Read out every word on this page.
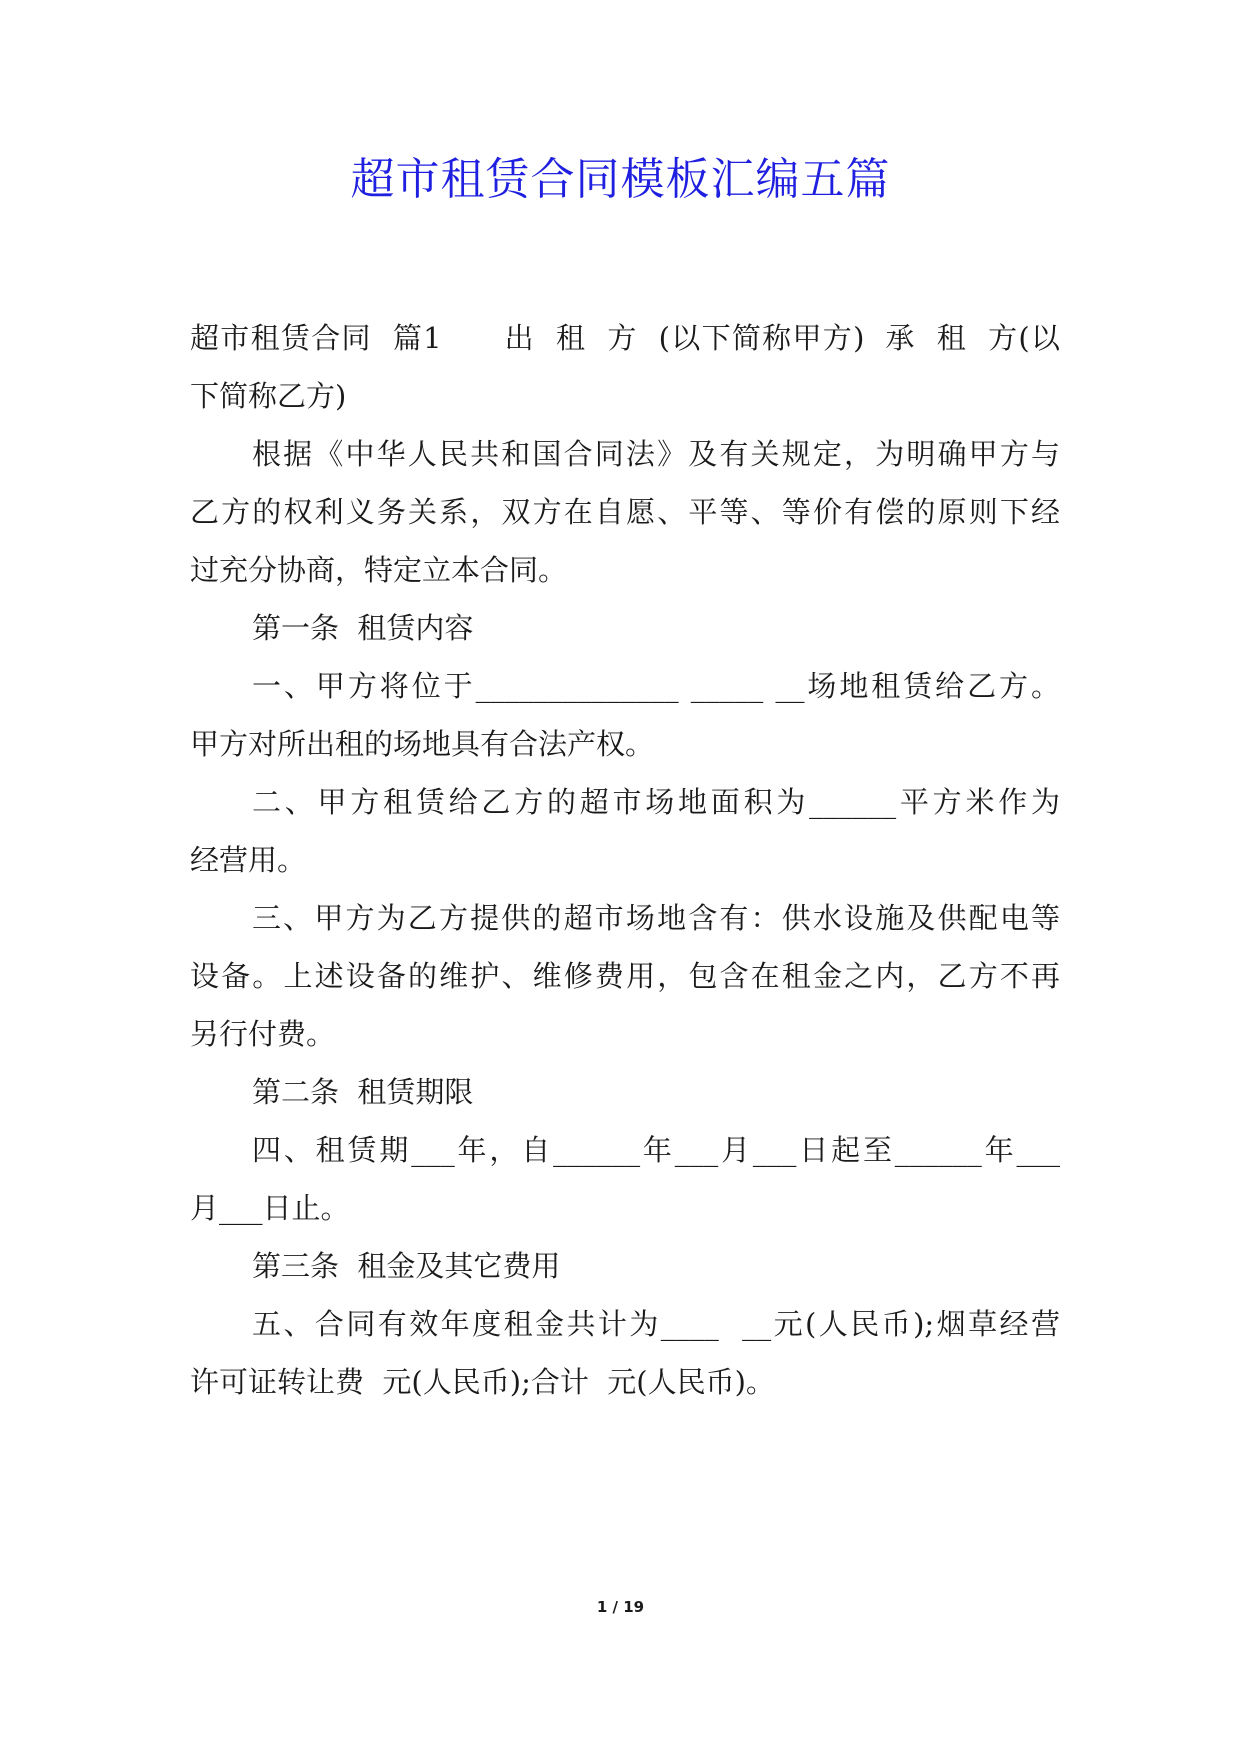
超市租赁合同模板汇编五篇
超市租赁合同  篇1      出  租  方  (以下简称甲方)  承  租  方(以
下简称乙方)
根据《中华人民共和国合同法》及有关规定，为明确甲方与
乙方的权利义务关系，双方在自愿、平等、等价有偿的原则下经
过充分协商，特定立本合同。
第一条  租赁内容
一、甲方将位于______________ _____ __场地租赁给乙方。
甲方对所出租的场地具有合法产权。
二、甲方租赁给乙方的超市场地面积为______平方米作为
经营用。
三、甲方为乙方提供的超市场地含有：供水设施及供配电等
设备。上述设备的维护、维修费用，包含在租金之内，乙方不再
另行付费。
第二条  租赁期限
四、租赁期___年，自______年___月___日起至______年___
月___日止。
第三条  租金及其它费用
五、合同有效年度租金共计为____  __元(人民币);烟草经营
许可证转让费  元(人民币);合计  元(人民币)。
1 / 19
